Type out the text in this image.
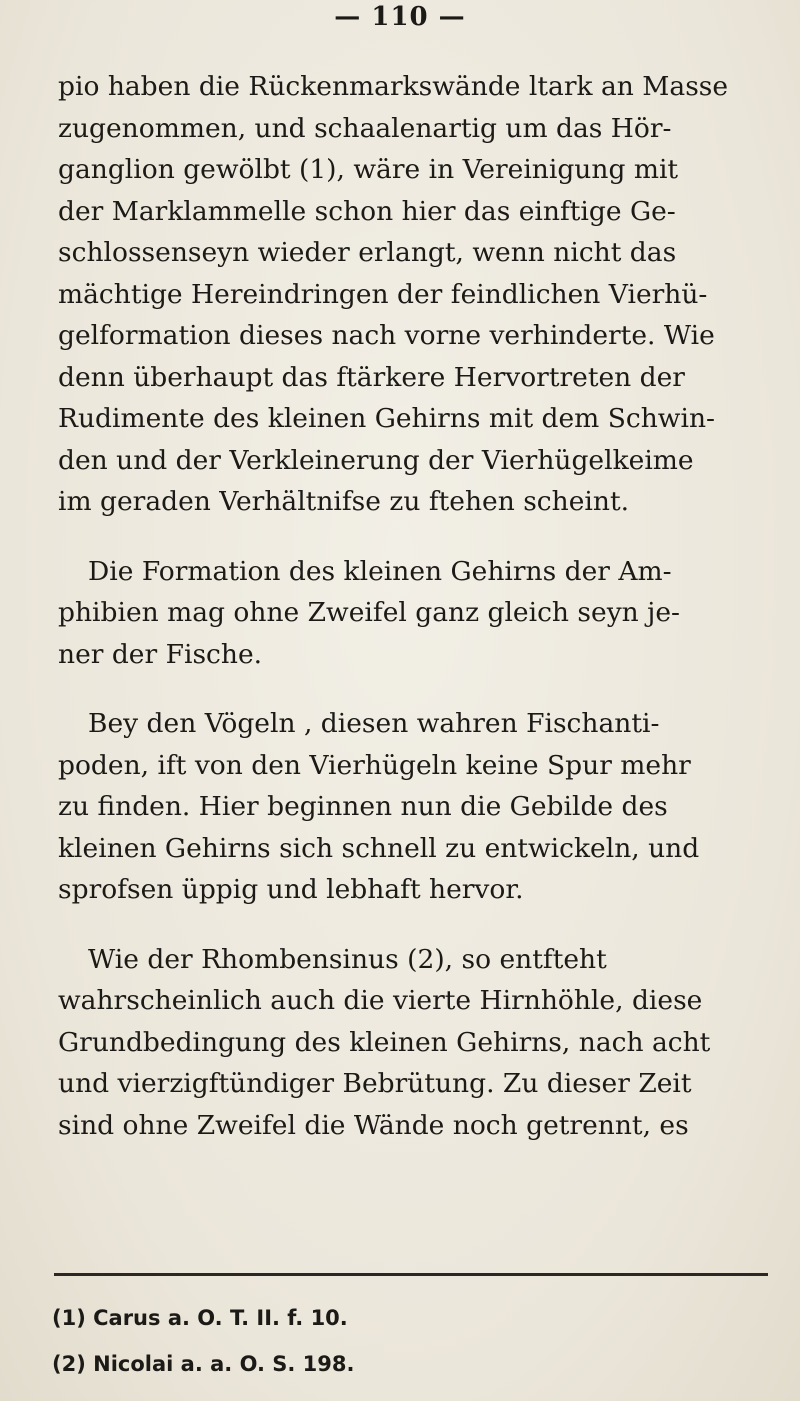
— 110 —
pio haben die Rückenmarkswände ltark an Masse
zugenommen, und schaalenartig um das Hör-
ganglion gewölbt (1), wäre in Vereinigung mit
der Marklammelle schon hier das einftige Ge-
schlossenseyn wieder erlangt, wenn nicht das
mächtige Hereindringen der feindlichen Vierhü-
gelformation dieses nach vorne verhinderte. Wie
denn überhaupt das ftärkere Hervortreten der
Rudimente des kleinen Gehirns mit dem Schwin-
den und der Verkleinerung der Vierhügelkeime
im geraden Verhältnifse zu ftehen scheint.
Die Formation des kleinen Gehirns der Am-
phibien mag ohne Zweifel ganz gleich seyn je-
ner der Fische.
Bey den Vögeln , diesen wahren Fischanti-
poden, ift von den Vierhügeln keine Spur mehr
zu finden. Hier beginnen nun die Gebilde des
kleinen Gehirns sich schnell zu entwickeln, und
sprofsen üppig und lebhaft hervor.
Wie der Rhombensinus (2), so entfteht
wahrscheinlich auch die vierte Hirnhöhle, diese
Grundbedingung des kleinen Gehirns, nach acht
und vierzigftündiger Bebrütung. Zu dieser Zeit
sind ohne Zweifel die Wände noch getrennt, es
(1) Carus a. O. T. II. f. 10.
(2) Nicolai a. a. O. S. 198.
